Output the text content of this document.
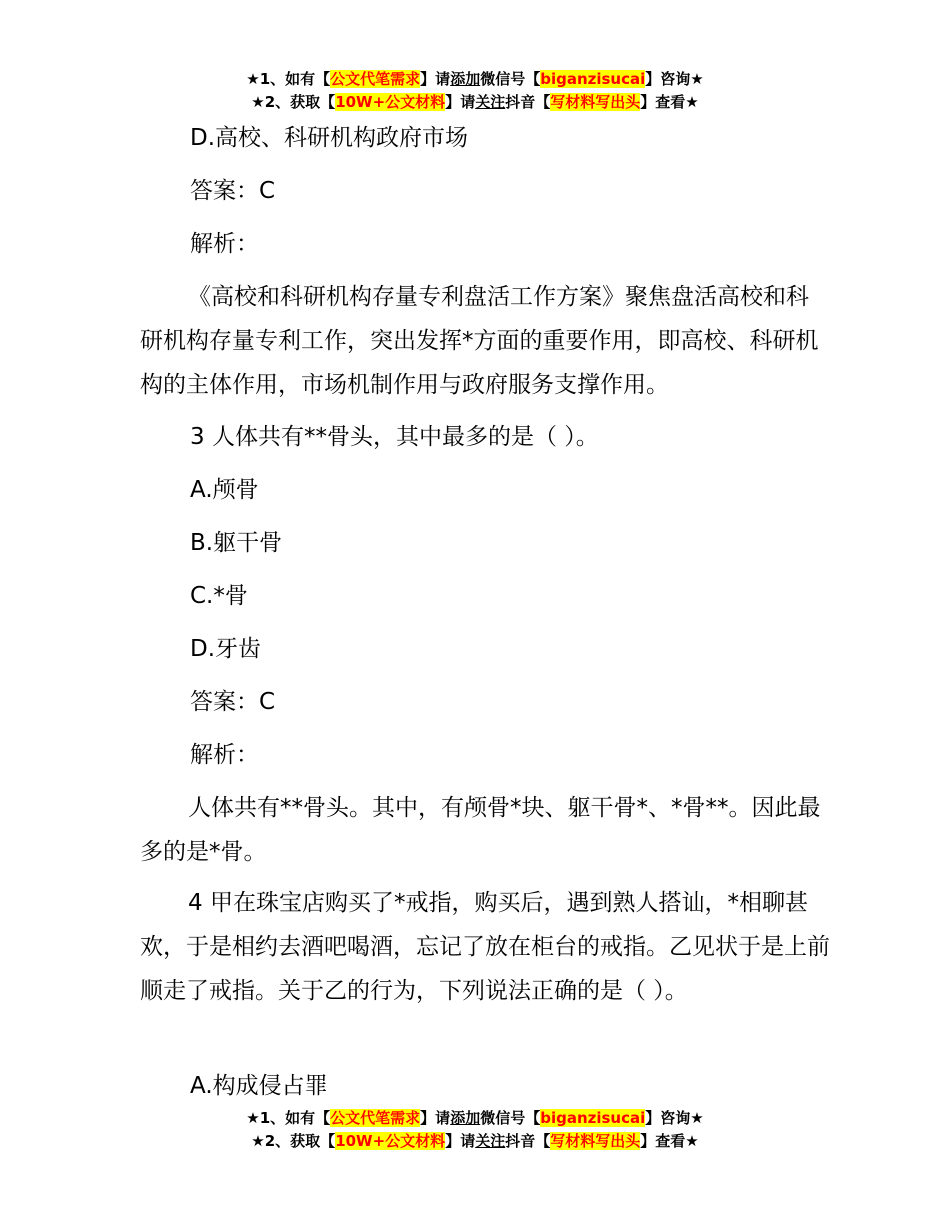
★1、如有【公文代笔需求】请添加微信号【biganzisucai】咨询★
★2、获取【10W+公文材料】请关注抖音【写材料写出头】查看★

D.高校、科研机构政府市场

答案：C

解析：

《高校和科研机构存量专利盘活工作方案》聚焦盘活高校和科研机构存量专利工作，突出发挥*方面的重要作用，即高校、科研机构的主体作用，市场机制作用与政府服务支撑作用。

3 人体共有**骨头，其中最多的是（ ）。

A.颅骨

B.躯干骨

C.*骨

D.牙齿

答案：C

解析：

人体共有**骨头。其中，有颅骨*块、躯干骨*、*骨**。因此最多的是*骨。

4 甲在珠宝店购买了*戒指，购买后，遇到熟人搭讪，*相聊甚欢，于是相约去酒吧喝酒，忘记了放在柜台的戒指。乙见状于是上前顺走了戒指。关于乙的行为，下列说法正确的是（ ）。

A.构成侵占罪

★1、如有【公文代笔需求】请添加微信号【biganzisucai】咨询★
★2、获取【10W+公文材料】请关注抖音【写材料写出头】查看★
